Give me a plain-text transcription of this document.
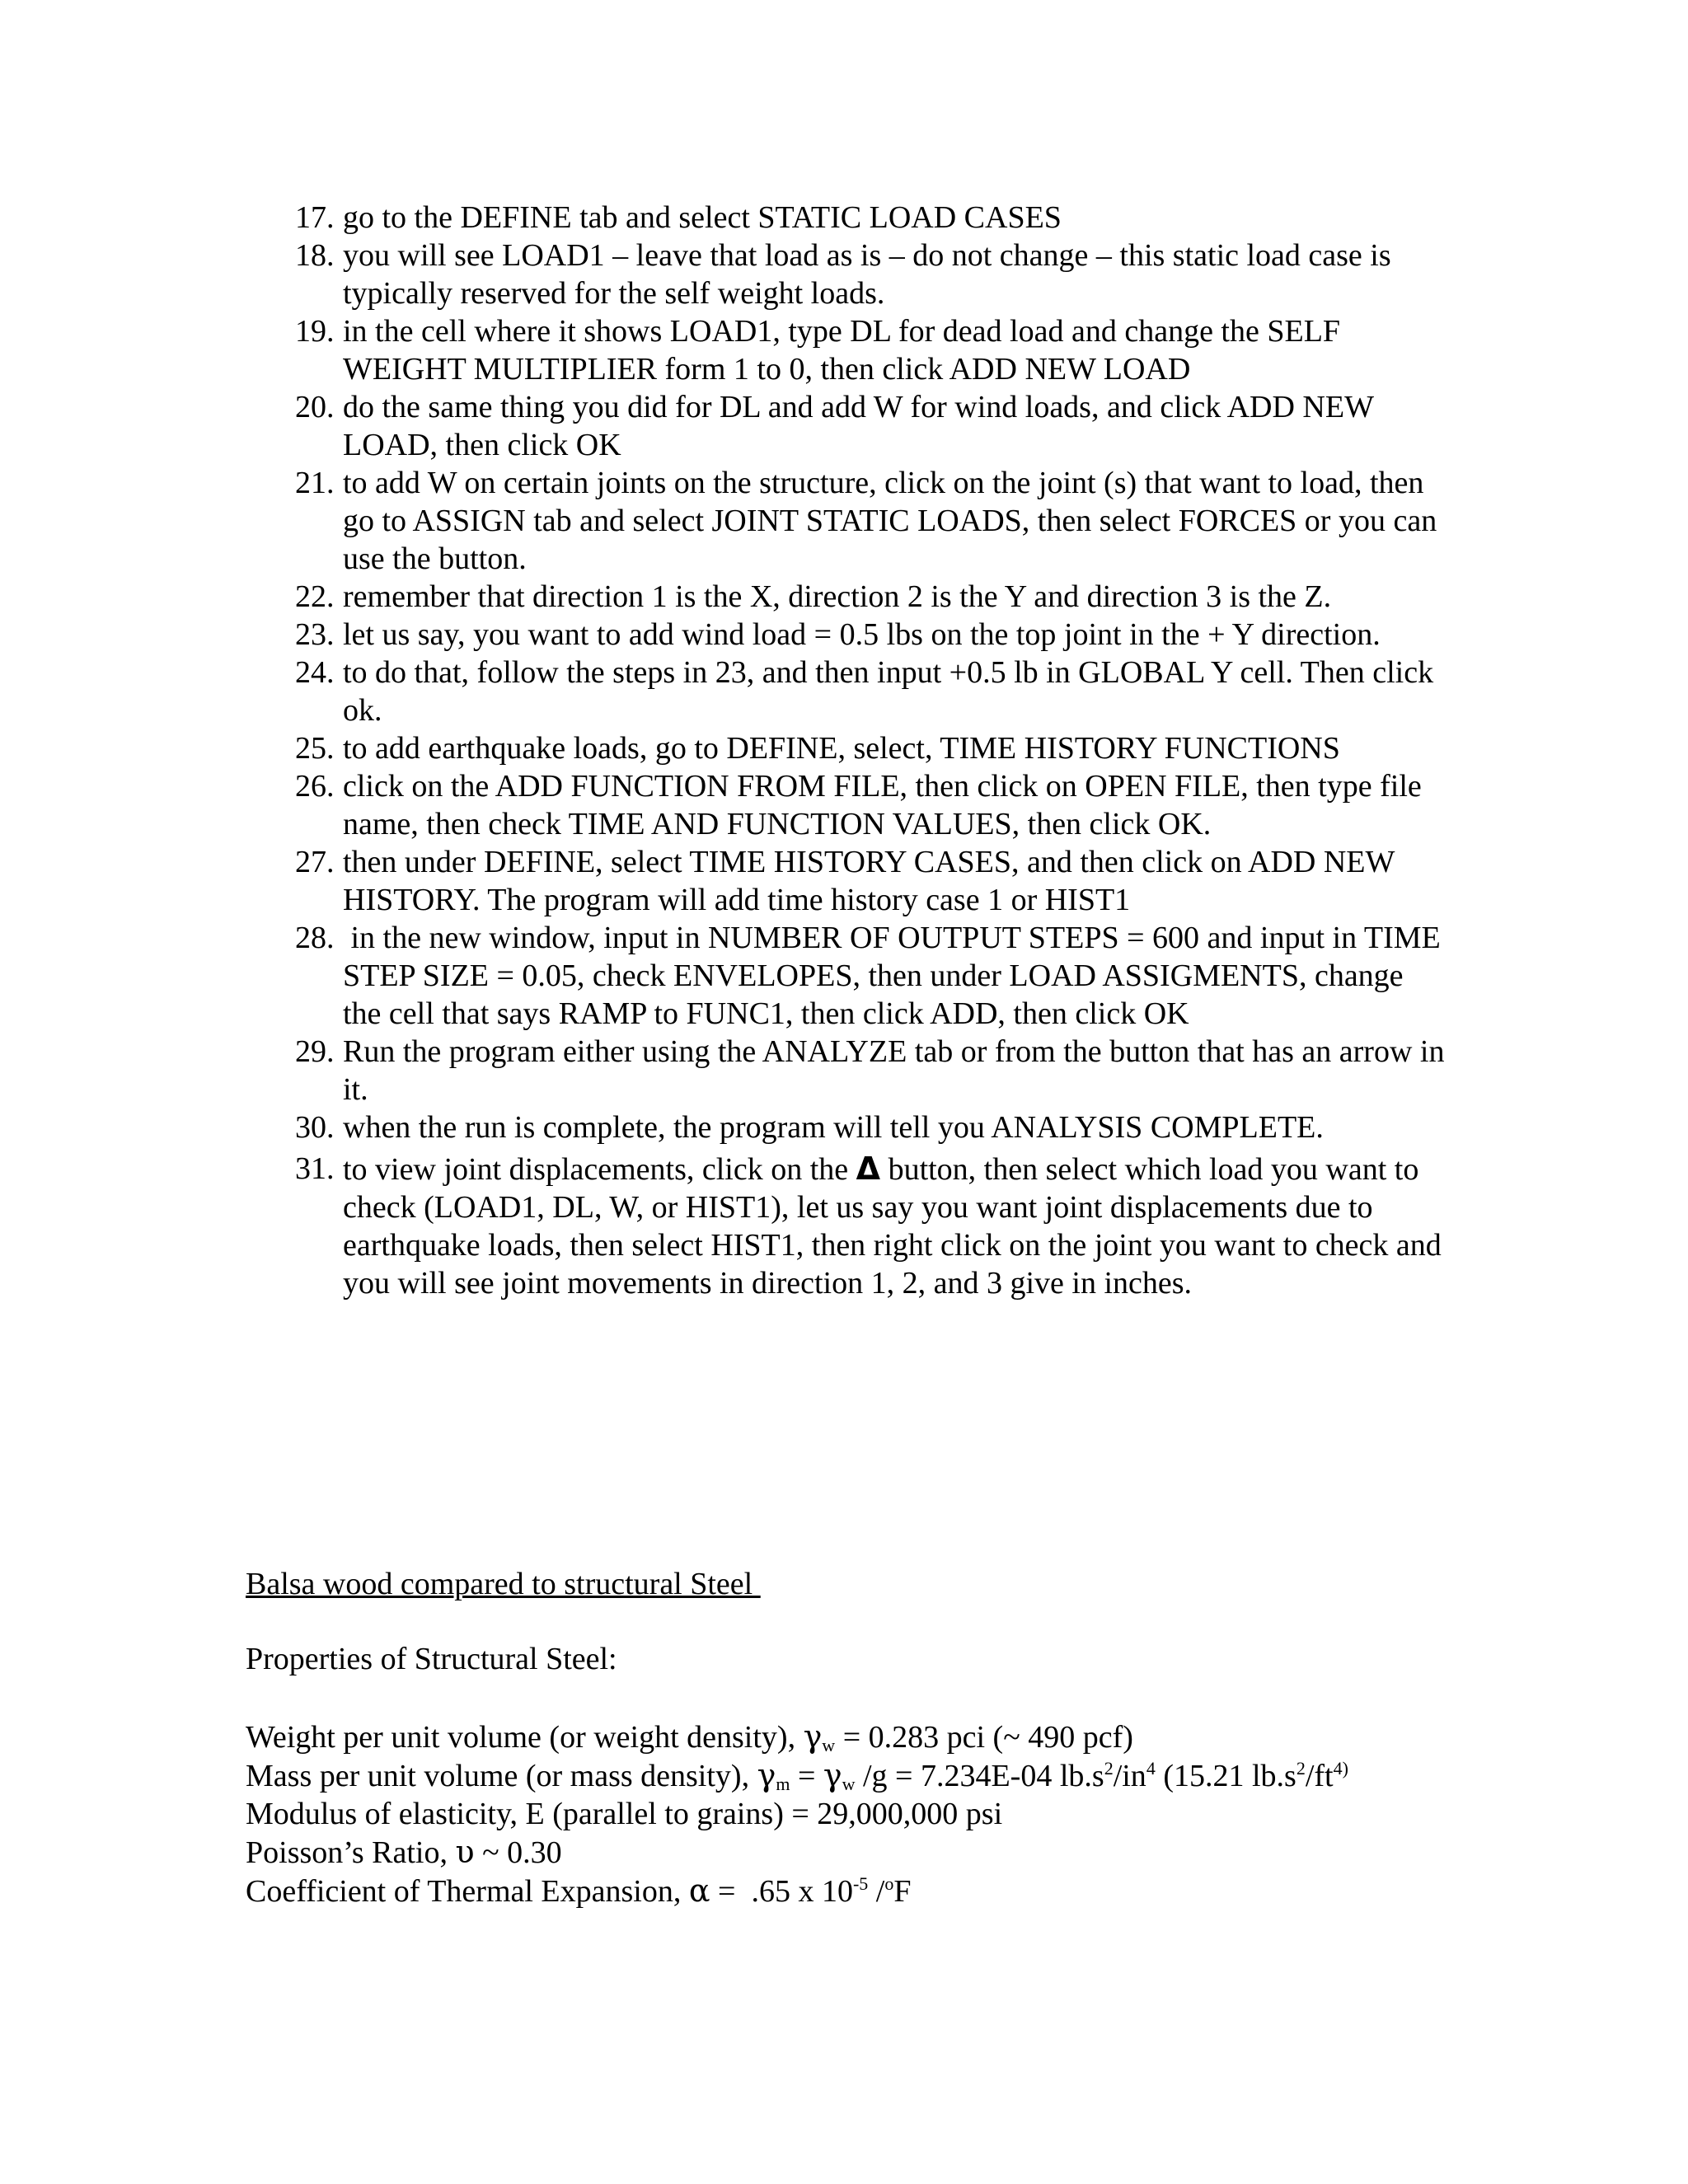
17. go to the DEFINE tab and select STATIC LOAD CASES
18. you will see LOAD1 – leave that load as is – do not change – this static load case is typically reserved for the self weight loads.
19. in the cell where it shows LOAD1, type DL for dead load and change the SELF WEIGHT MULTIPLIER form 1 to 0, then click ADD NEW LOAD
20. do the same thing you did for DL and add W for wind loads, and click ADD NEW LOAD, then click OK
21. to add W on certain joints on the structure, click on the joint (s) that want to load, then go to ASSIGN tab and select JOINT STATIC LOADS, then select FORCES or you can use the button.
22. remember that direction 1 is the X, direction 2 is the Y and direction 3 is the Z.
23. let us say, you want to add wind load = 0.5 lbs on the top joint in the + Y direction.
24. to do that, follow the steps in 23, and then input +0.5 lb in GLOBAL Y cell. Then click ok.
25. to add earthquake loads, go to DEFINE, select, TIME HISTORY FUNCTIONS
26. click on the ADD FUNCTION FROM FILE, then click on OPEN FILE, then type file name, then check TIME AND FUNCTION VALUES, then click OK.
27. then under DEFINE, select TIME HISTORY CASES, and then click on ADD NEW HISTORY. The program will add time history case 1 or HIST1
28. in the new window, input in NUMBER OF OUTPUT STEPS = 600 and input in TIME STEP SIZE = 0.05, check ENVELOPES, then under LOAD ASSIGMENTS, change the cell that says RAMP to FUNC1, then click ADD, then click OK
29. Run the program either using the ANALYZE tab or from the button that has an arrow in it.
30. when the run is complete, the program will tell you ANALYSIS COMPLETE.
31. to view joint displacements, click on the Δ button, then select which load you want to check (LOAD1, DL, W, or HIST1), let us say you want joint displacements due to earthquake loads, then select HIST1, then right click on the joint you want to check and you will see joint movements in direction 1, 2, and 3 give in inches.
Balsa wood compared to structural Steel
Properties of Structural Steel:
Weight per unit volume (or weight density), $\gamma_w = 0.283$ pci (~ 490 pcf)
Mass per unit volume (or mass density), $\gamma_m = \gamma_w$ /g = 7.234E-04 $lb.s^2/in^4$ (15.21 $lb.s^2/ft^{4)}$
Modulus of elasticity, E (parallel to grains) = 29,000,000 psi
Poisson’s Ratio, υ ~ 0.30
Coefficient of Thermal Expansion, α =  .65 x $10^{-5}$ /$^o$F
